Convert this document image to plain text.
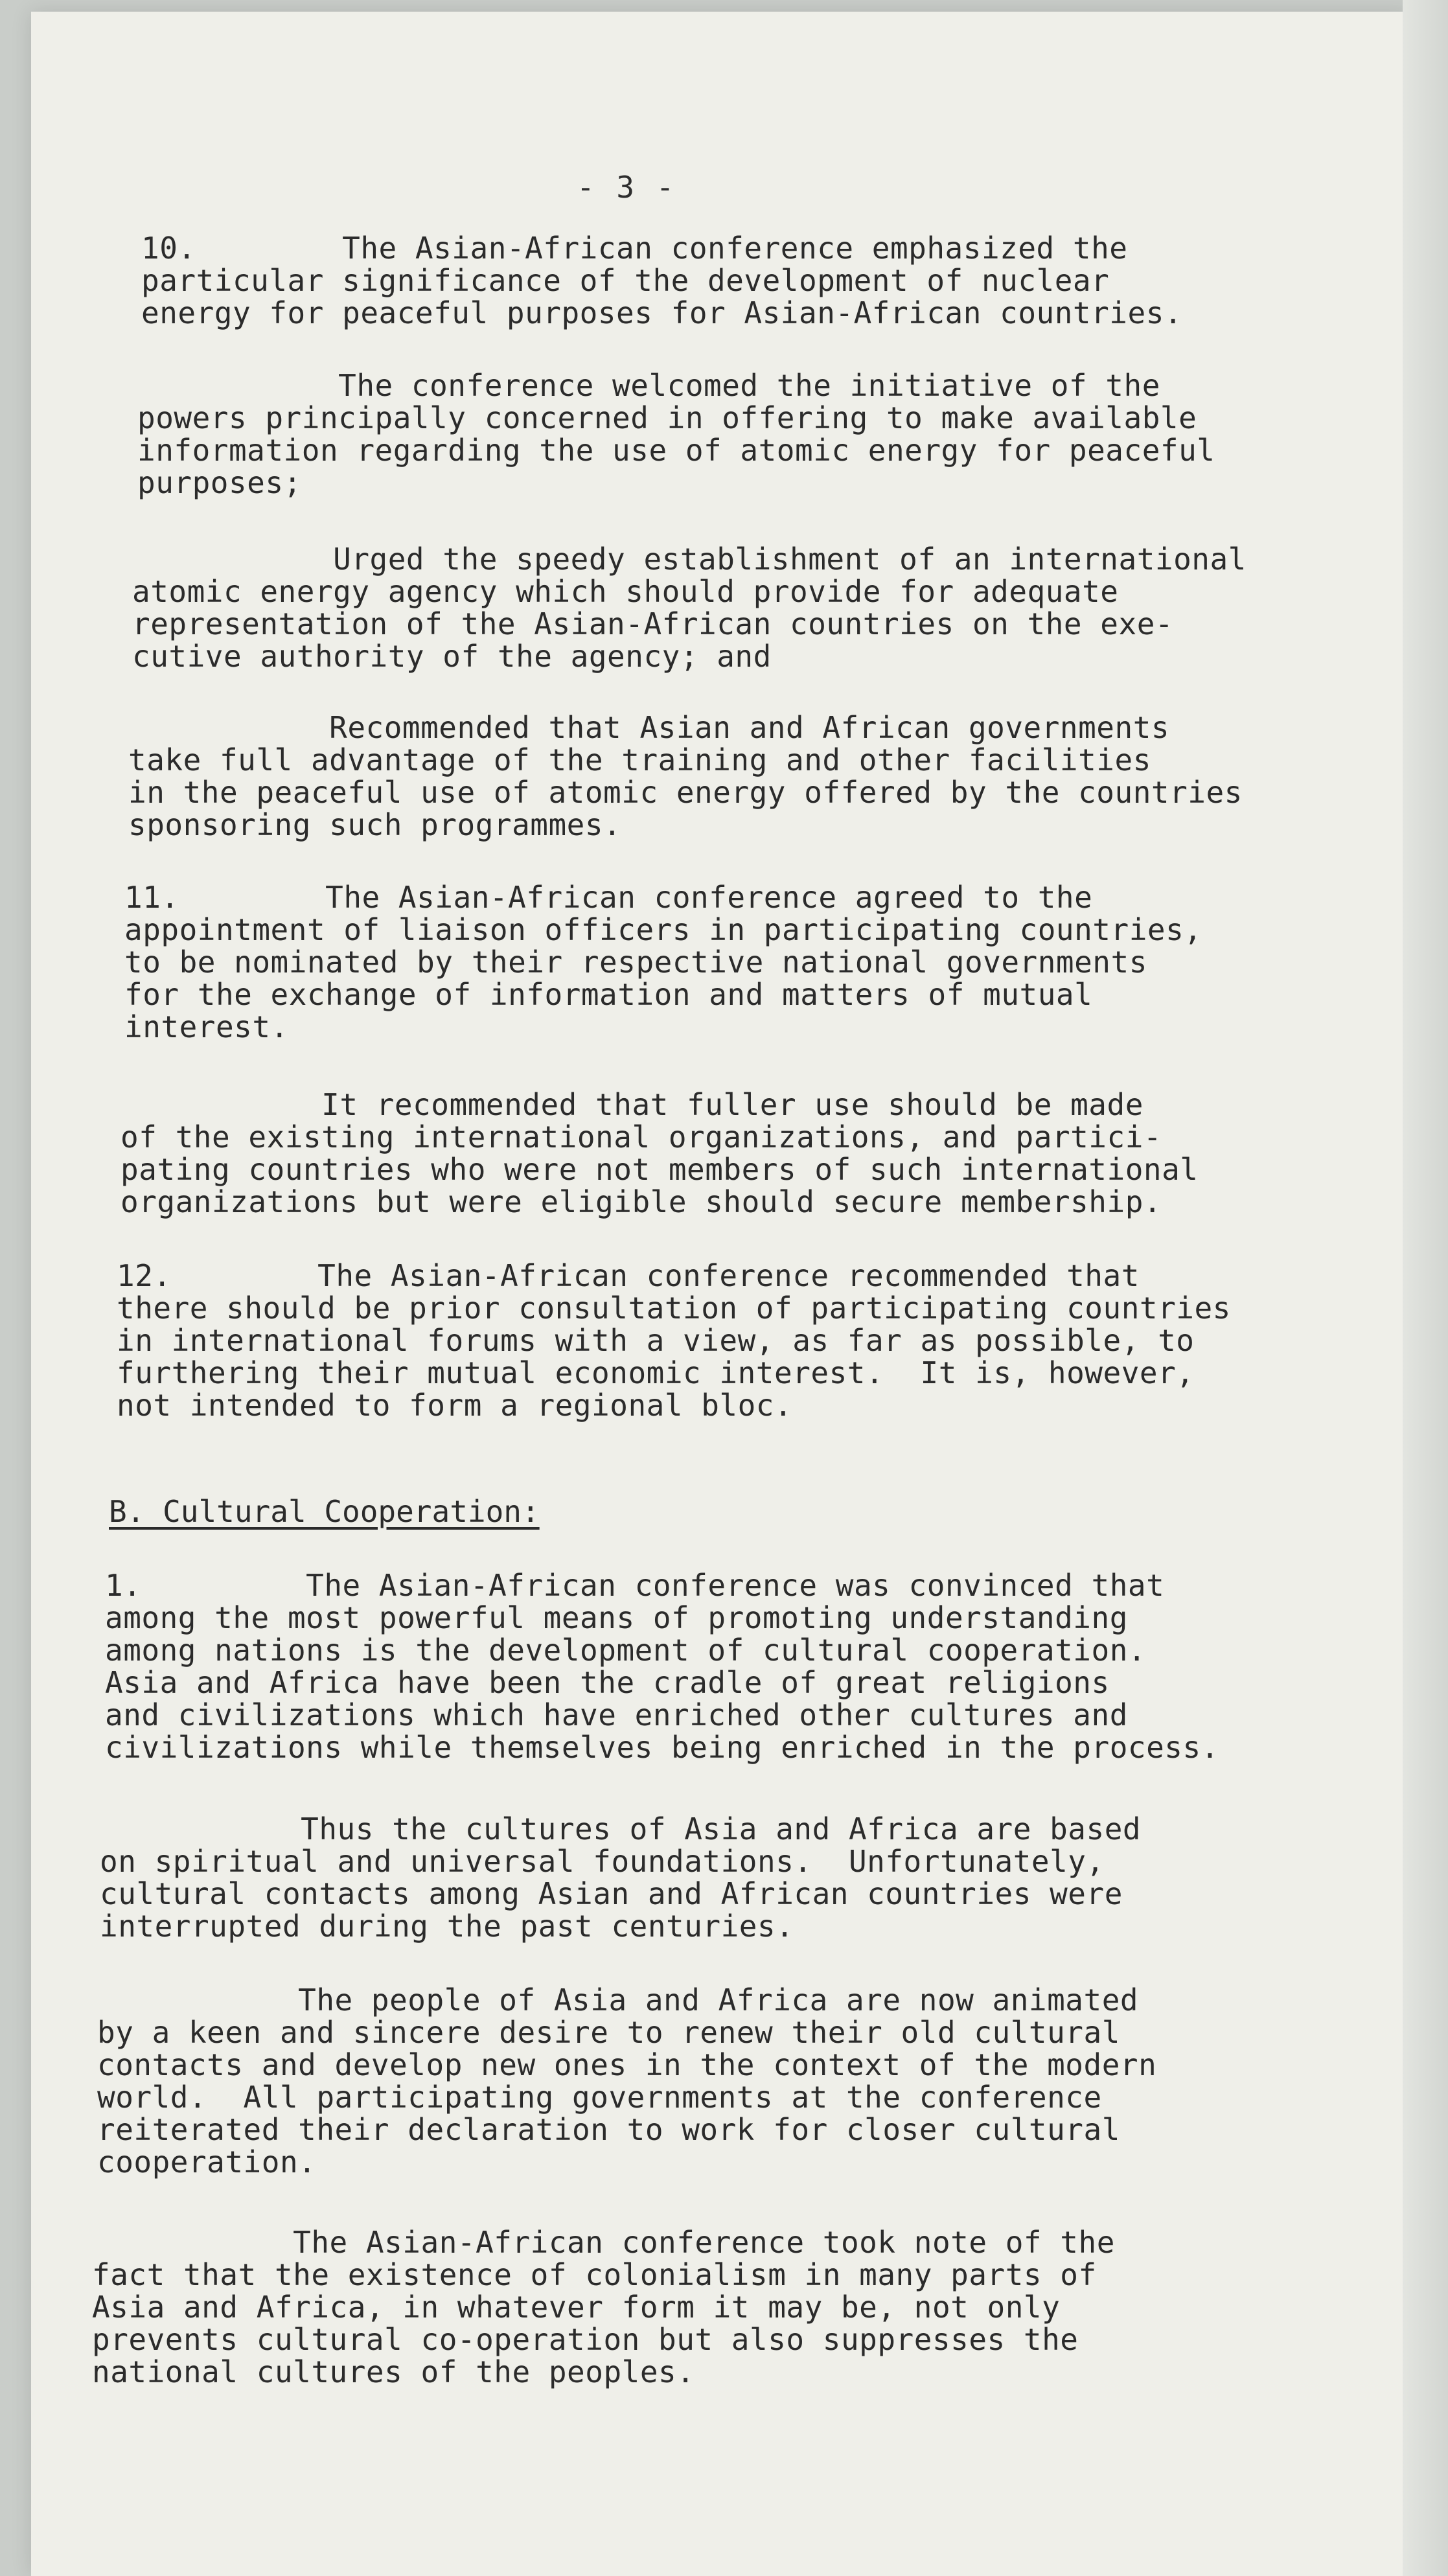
- 3 -
10.        The Asian-African conference emphasized the
particular significance of the development of nuclear
energy for peaceful purposes for Asian-African countries.
The conference welcomed the initiative of the
powers principally concerned in offering to make available
information regarding the use of atomic energy for peaceful
purposes;
Urged the speedy establishment of an international
atomic energy agency which should provide for adequate
representation of the Asian-African countries on the exe-
cutive authority of the agency; and
Recommended that Asian and African governments
take full advantage of the training and other facilities
in the peaceful use of atomic energy offered by the countries
sponsoring such programmes.
11.        The Asian-African conference agreed to the
appointment of liaison officers in participating countries,
to be nominated by their respective national governments
for the exchange of information and matters of mutual
interest.
It recommended that fuller use should be made
of the existing international organizations, and partici-
pating countries who were not members of such international
organizations but were eligible should secure membership.
12.        The Asian-African conference recommended that
there should be prior consultation of participating countries
in international forums with a view, as far as possible, to
furthering their mutual economic interest.  It is, however,
not intended to form a regional bloc.
B. Cultural Cooperation:
1.         The Asian-African conference was convinced that
among the most powerful means of promoting understanding
among nations is the development of cultural cooperation.
Asia and Africa have been the cradle of great religions
and civilizations which have enriched other cultures and
civilizations while themselves being enriched in the process.
Thus the cultures of Asia and Africa are based
on spiritual and universal foundations.  Unfortunately,
cultural contacts among Asian and African countries were
interrupted during the past centuries.
The people of Asia and Africa are now animated
by a keen and sincere desire to renew their old cultural
contacts and develop new ones in the context of the modern
world.  All participating governments at the conference
reiterated their declaration to work for closer cultural
cooperation.
The Asian-African conference took note of the
fact that the existence of colonialism in many parts of
Asia and Africa, in whatever form it may be, not only
prevents cultural co-operation but also suppresses the
national cultures of the peoples.
